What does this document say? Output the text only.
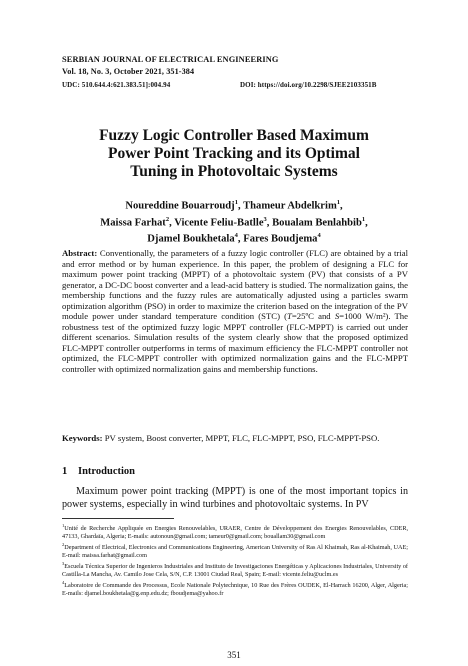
SERBIAN JOURNAL OF ELECTRICAL ENGINEERING
Vol. 18, No. 3, October 2021, 351-384
UDC: 510.644.4:621.383.51]:004.94	DOI: https://doi.org/10.2298/SJEE2103351B
Fuzzy Logic Controller Based Maximum
Power Point Tracking and its Optimal
Tuning in Photovoltaic Systems
Noureddine Bouarroudj$^1$, Thameur Abdelkrim$^1$,
Maissa Farhat$^2$, Vicente Feliu-Batlle$^3$, Boualam Benlahbib$^1$,
Djamel Boukhetala$^4$, Fares Boudjema$^4$
Abstract: Conventionally, the parameters of a fuzzy logic controller (FLC) are obtained by a trial and error method or by human experience. In this paper, the problem of designing a FLC for maximum power point tracking (MPPT) of a photovoltaic system (PV) that consists of a PV generator, a DC-DC boost converter and a lead-acid battery is studied. The normalization gains, the membership functions and the fuzzy rules are automatically adjusted using a particles swarm optimization algorithm (PSO) in order to maximize the criterion based on the integration of the PV module power under standard temperature condition (STC) (T=25ºC and S=1000 W/m²). The robustness test of the optimized fuzzy logic MPPT controller (FLC-MPPT) is carried out under different scenarios. Simulation results of the system clearly show that the proposed optimized FLC-MPPT controller outperforms in terms of maximum efficiency the FLC-MPPT controller not optimized, the FLC-MPPT controller with optimized normalization gains and the FLC-MPPT controller with optimized normalization gains and membership functions.
Keywords: PV system, Boost converter, MPPT, FLC, FLC-MPPT, PSO, FLC-MPPT-PSO.
1 Introduction
Maximum power point tracking (MPPT) is one of the most important topics in power systems, especially in wind turbines and photovoltaic systems. In PV

$^1$Unité de Recherche Appliquée en Energies Renouvelables, URAER, Centre de Développement des Energies Renouvelables, CDER, 47133, Ghardaïa, Algeria; E-mails: autonoun@gmail.com; tameur0@gmail.com; bouallam30@gmail.com

$^2$Department of Electrical, Electronics and Communications Engineering, American University of Ras Al Khaimah, Ras al-Khaimah, UAE; E-mail: maissa.farhat@gmail.com

$^3$Escuela Técnica Superior de Ingenieros Industriales and Instituto de Investigaciones Energéticas y Aplicaciones Industriales, University of Castilla-La Mancha, Av. Camilo Jose Cela, S/N, C.P. 13001 Ciudad Real, Spain; E-mail: vicente.feliu@uclm.es

$^4$Laboratoire de Commande des Processus, Ecole Nationale Polytechnique, 10 Rue des Frères OUDEK, El-Harrach 16200, Alger, Algeria; E-mails: djamel.boukhetala@g.enp.edu.dz; fboudjema@yahoo.fr

351
